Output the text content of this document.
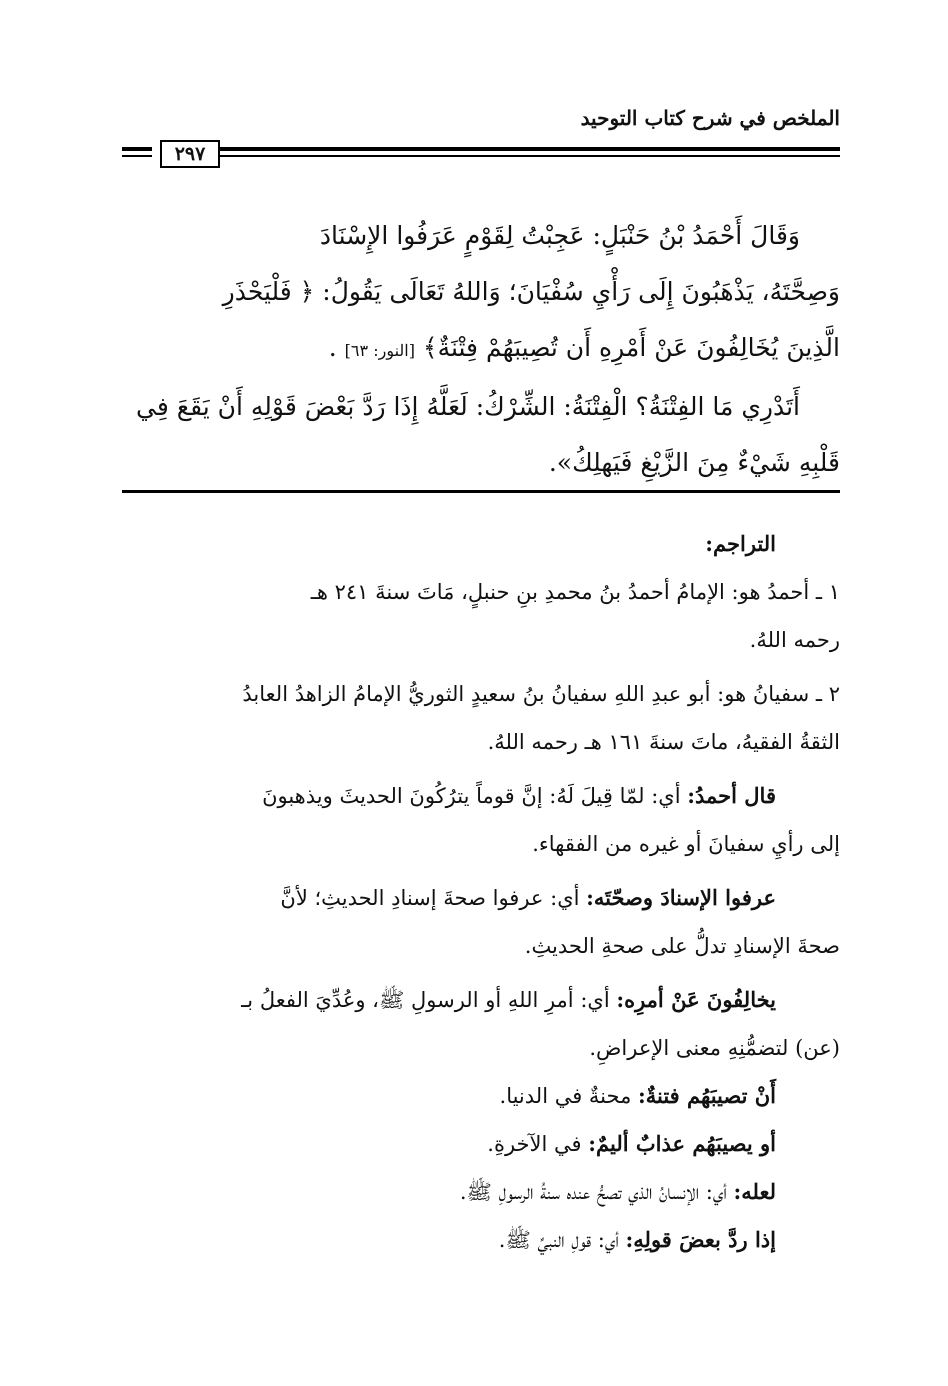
الملخص في شرح كتاب التوحيد
٢٩٧

وَقَالَ أَحْمَدُ بْنُ حَنْبَلٍ: عَجِبْتُ لِقَوْمٍ عَرَفُوا الإِسْنَادَ

وَصِحَّتَهُ، يَذْهَبُونَ إِلَى رَأْيِ سُفْيَانَ؛ وَاللهُ تَعَالَى يَقُولُ: ﴿ فَلْيَحْذَرِ

الَّذِينَ يُخَالِفُونَ عَنْ أَمْرِهِ أَن تُصِيبَهُمْ فِتْنَةٌ﴾ [النور: ٦٣] .

أَتَدْرِي مَا الفِتْنَةُ؟ الْفِتْنَةُ: الشِّرْكُ: لَعَلَّهُ إِذَا رَدَّ بَعْضَ قَوْلِهِ أَنْ يَقَعَ فِي

قَلْبِهِ شَيْءٌ مِنَ الزَّيْغِ فَيَهلِكُ».

التراجم:

١ ـ أحمدُ هو: الإمامُ أحمدُ بنُ محمدِ بنِ حنبلٍ، مَاتَ سنةَ ٢٤١ هـ

رحمه اللهُ.

٢ ـ سفيانُ هو: أبو عبدِ اللهِ سفيانُ بنُ سعيدٍ الثوريُّ الإمامُ الزاهدُ العابدُ

الثقةُ الفقيهُ، ماتَ سنةَ ١٦١ هـ رحمه اللهُ.

قال أحمدُ: أي: لمّا قِيلَ لَهُ: إنَّ قوماً يترُكُونَ الحديثَ ويذهبونَ

إلى رأيِ سفيانَ أو غيره من الفقهاء.

عرفوا الإسنادَ وصحّتَه: أي: عرفوا صحةَ إسنادِ الحديثِ؛ لأنَّ

صحةَ الإسنادِ تدلُّ على صحةِ الحديثِ.

يخالِفُونَ عَنْ أمرِه: أي: أمرِ اللهِ أو الرسولِ ﷺ، وعُدِّيَ الفعلُ بـ

(عن) لتضمُّنِهِ معنى الإعراضِ.

أَنْ تصيبَهُم فتنةٌ: محنةٌ في الدنيا.

أو يصيبَهُم عذابٌ أليمٌ: في الآخرةِ.

لعله: أي: الإنسانُ الذي تصحُّ عنده سنةُ الرسولِ ﷺ.

إذا ردَّ بعضَ قولِهِ: أي: قولِ النبيِّ ﷺ.
